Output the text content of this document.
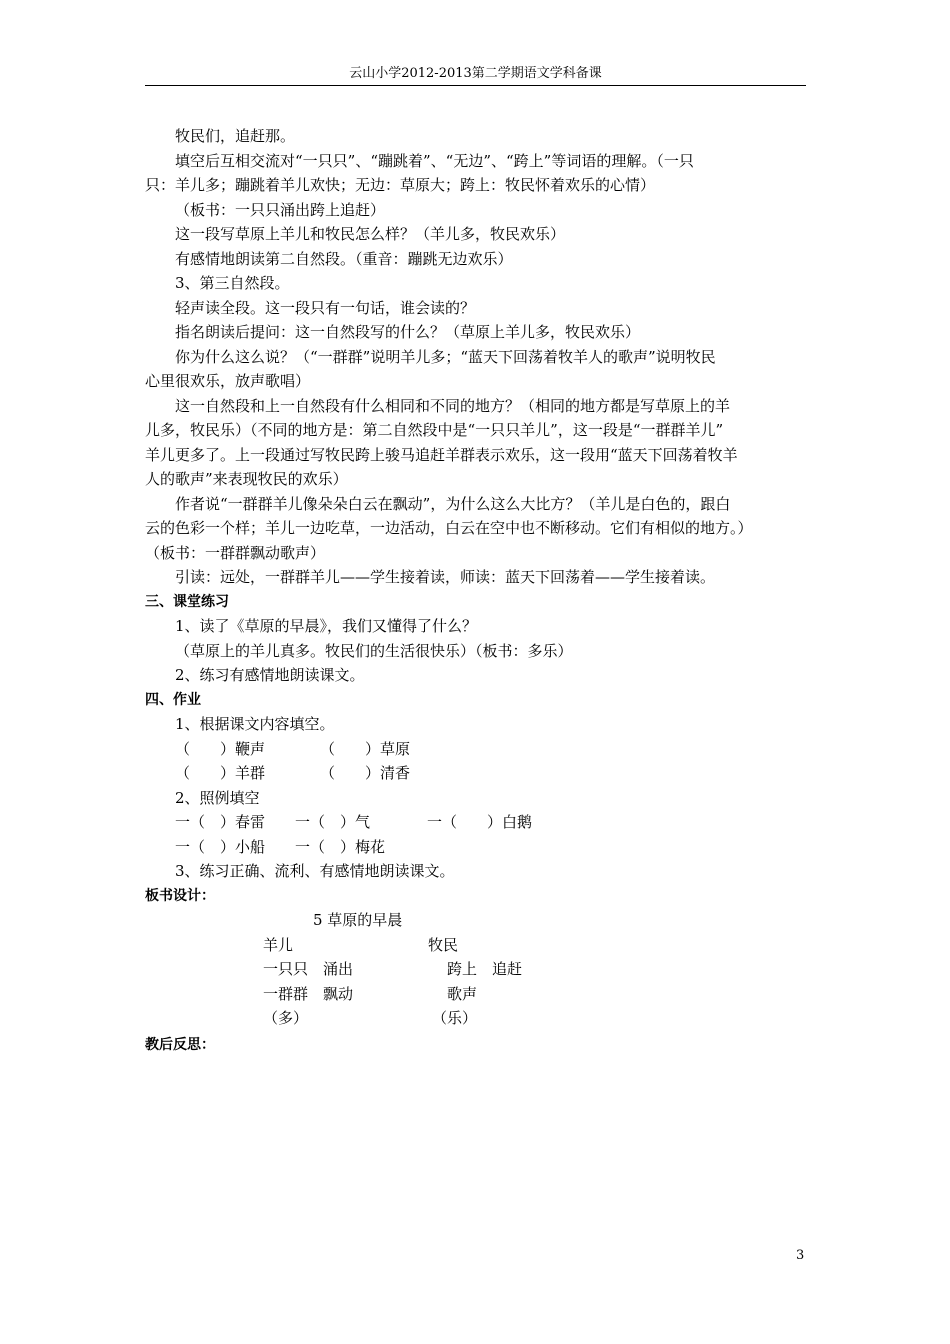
云山小学2012-2013第二学期语文学科备课

牧民们，追赶那。

填空后互相交流对“一只只”、“蹦跳着”、“无边”、“跨上”等词语的理解。（一只

只：羊儿多；蹦跳着羊儿欢快；无边：草原大；跨上：牧民怀着欢乐的心情）

（板书：一只只涌出跨上追赶）

这一段写草原上羊儿和牧民怎么样？（羊儿多，牧民欢乐）

有感情地朗读第二自然段。（重音：蹦跳无边欢乐）

3、第三自然段。

轻声读全段。这一段只有一句话，谁会读的？

指名朗读后提问：这一自然段写的什么？（草原上羊儿多，牧民欢乐）

你为什么这么说？（“一群群”说明羊儿多；“蓝天下回荡着牧羊人的歌声”说明牧民

心里很欢乐，放声歌唱）

这一自然段和上一自然段有什么相同和不同的地方？（相同的地方都是写草原上的羊

儿多，牧民乐）（不同的地方是：第二自然段中是“一只只羊儿”，这一段是“一群群羊儿”

羊儿更多了。上一段通过写牧民跨上骏马追赶羊群表示欢乐，这一段用“蓝天下回荡着牧羊

人的歌声”来表现牧民的欢乐）

作者说“一群群羊儿像朵朵白云在飘动”，为什么这么大比方？（羊儿是白色的，跟白

云的色彩一个样；羊儿一边吃草，一边活动，白云在空中也不断移动。它们有相似的地方。）

（板书：一群群飘动歌声）

引读：远处，一群群羊儿——学生接着读，师读：蓝天下回荡着——学生接着读。

三、课堂练习

1、读了《草原的早晨》，我们又懂得了什么？

（草原上的羊儿真多。牧民们的生活很快乐）（板书：多乐）

2、练习有感情地朗读课文。

四、作业

1、根据课文内容填空。

（　　）鞭声	（　　）草原
（　　）羊群	（　　）清香

2、照例填空

一（　）春雷	一（　）气	一（　　）白鹅
一（　）小船	一（　）梅花

3、练习正确、流利、有感情地朗读课文。

板书设计：

5 草原的早晨
羊儿	牧民
一只只　涌出	跨上　追赶
一群群　飘动	歌声
（多）	（乐）

教后反思：

3
